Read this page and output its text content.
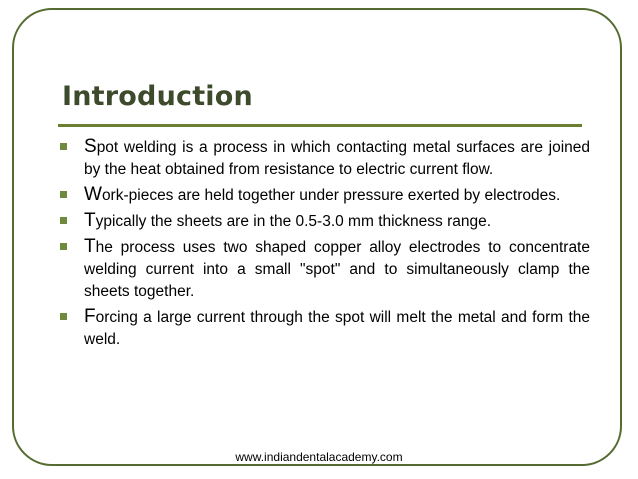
Introduction
Spot welding is a process in which contacting metal surfaces are joined by the heat obtained from resistance to electric current flow.
Work-pieces are held together under pressure exerted by electrodes.
Typically the sheets are in the 0.5-3.0 mm thickness range.
The process uses two shaped copper alloy electrodes to concentrate welding current into a small "spot" and to simultaneously clamp the sheets together.
Forcing a large current through the spot will melt the metal and form the weld.
www.indiandentalacademy.com
